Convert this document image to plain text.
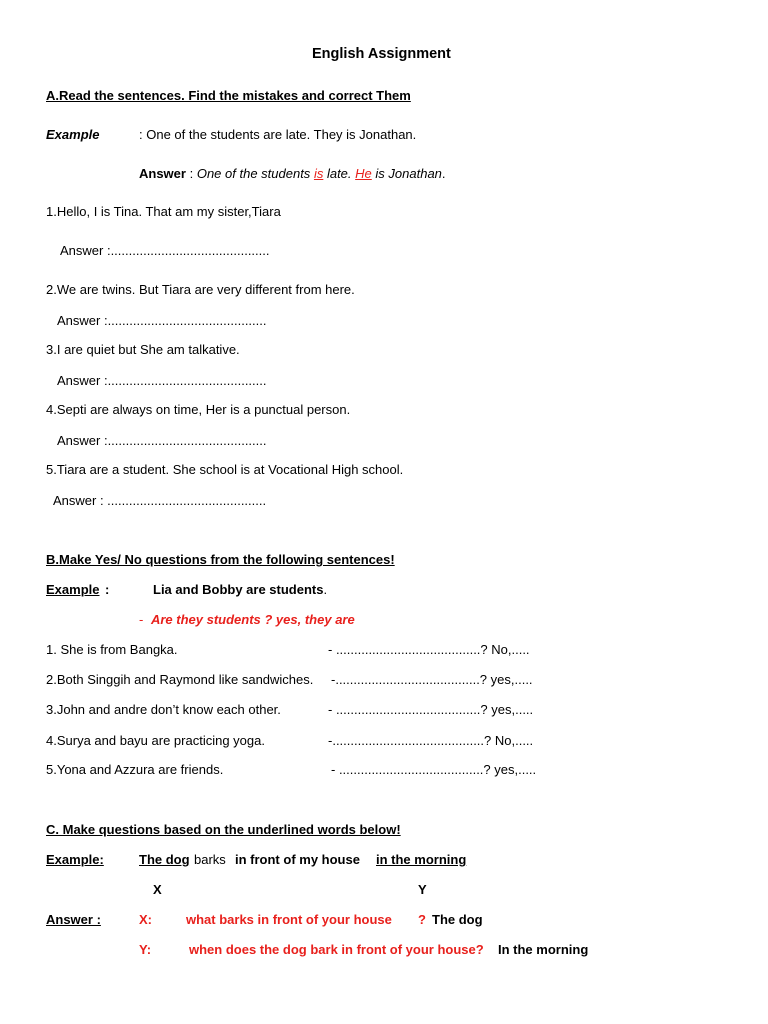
English Assignment
A.Read the sentences. Find the mistakes and correct Them
Example	: One of the students are late. They is Jonathan.
Answer : One of the students is late. He is Jonathan.
1.Hello, I is Tina. That am my sister,Tiara
Answer :............................................
2.We are twins. But Tiara are very different from here.
Answer :............................................
3.I are quiet but She am talkative.
Answer :............................................
4.Septi are always on time, Her is a punctual person.
Answer :............................................
5.Tiara are a student. She school is at Vocational High school.
Answer : ............................................
B.Make Yes/ No questions from the following sentences!
Example :	Lia and Bobby are students.
- Are they students ? yes, they are
1. She is from Bangka.	- ........................................? No,.....
2.Both Singgih and Raymond like sandwiches. -........................................? yes,.....
3.John and andre don’t know each other.	- ........................................? yes,.....
4.Surya and bayu are practicing yoga.	-..........................................? No,.....
5.Yona and Azzura are friends.	- ........................................? yes,.....
C. Make questions based on the underlined words below!
Example:	The dog barks in front of my house in the morning
X	Y
Answer :	X:	what barks in front of your house ? The dog
Y:	when does the dog bark in front of your house? In the morning
